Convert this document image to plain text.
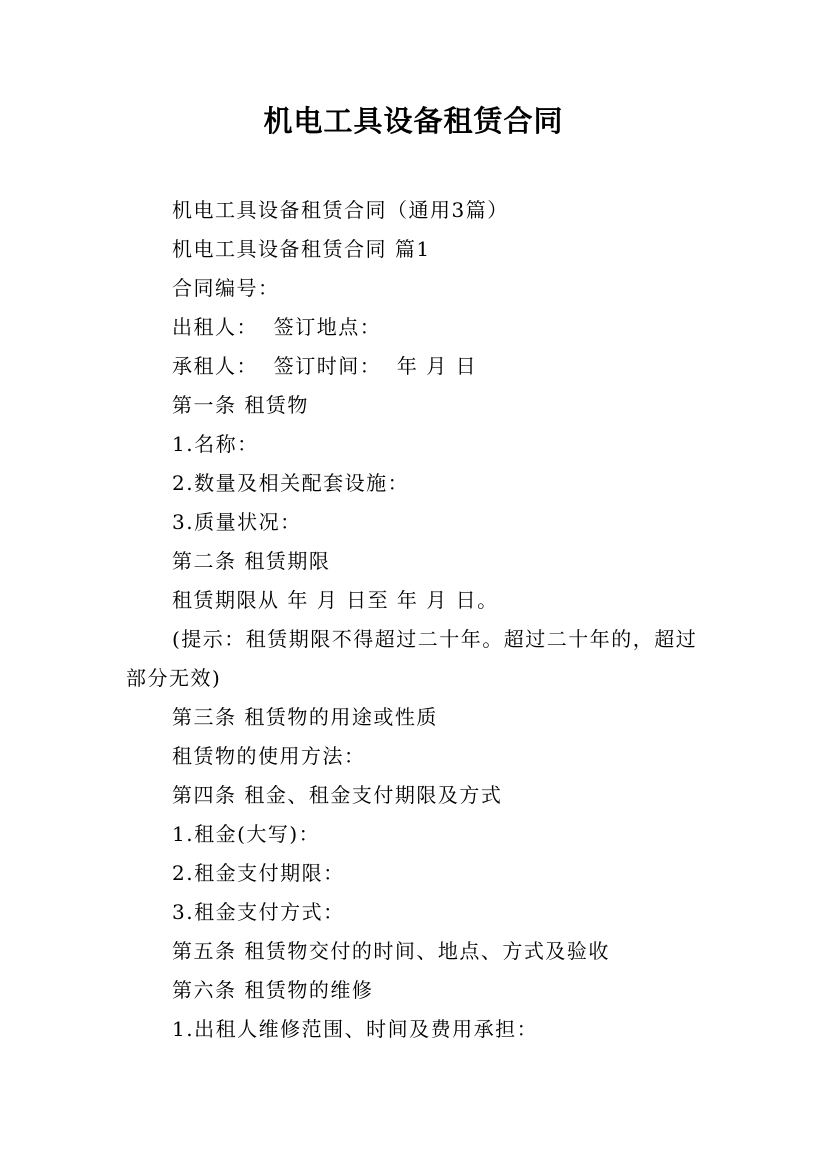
机电工具设备租赁合同

机电工具设备租赁合同（通用3篇）

机电工具设备租赁合同 篇1

合同编号：

出租人：  签订地点：

承租人：  签订时间：  年 月 日

第一条 租赁物

1.名称：

2.数量及相关配套设施：

3.质量状况：

第二条 租赁期限

租赁期限从 年 月 日至 年 月 日。

(提示：租赁期限不得超过二十年。超过二十年的，超过部分无效)

第三条 租赁物的用途或性质

租赁物的使用方法：

第四条 租金、租金支付期限及方式

1.租金(大写)：

2.租金支付期限：

3.租金支付方式：

第五条 租赁物交付的时间、地点、方式及验收

第六条 租赁物的维修

1.出租人维修范围、时间及费用承担：
